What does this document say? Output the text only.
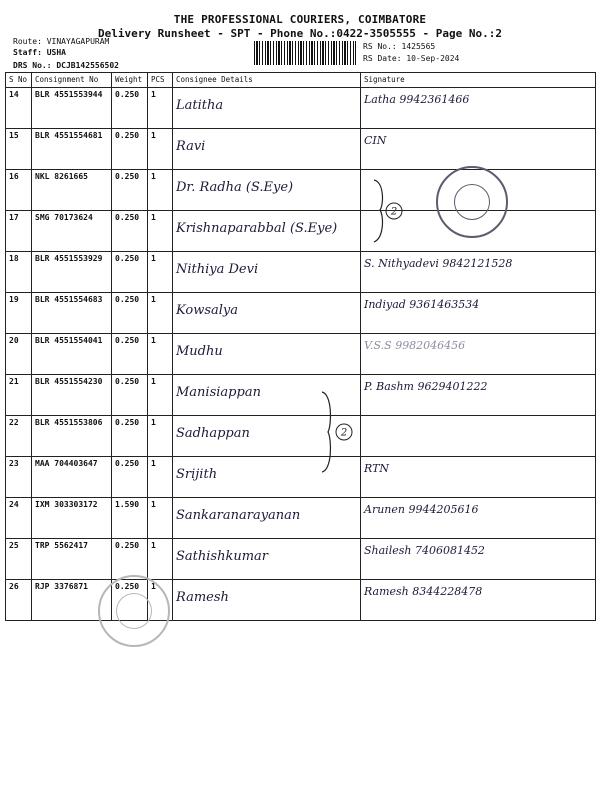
THE PROFESSIONAL COURIERS, COIMBATORE
Delivery Runsheet - SPT - Phone No.:0422-3505555 - Page No.:2
Route: VINAYAGAPURAM
Staff: USHA
DRS No.: DCJB142556502
RS No.: 1425565
RS Date: 10-Sep-2024
S No	Consignment No	Weight	PCS	Consignee Details	Signature
14	BLR 4551553944	0.250	1	Latitha	Latha 9942361466

15	BLR 4551554681	0.250	1	Ravi	CIN

16	NKL 8261665	0.250	1	Dr. Radha (S.Eye)	

17	SMG 70173624	0.250	1	Krishnaparabbal (S.Eye)	

18	BLR 4551553929	0.250	1	Nithiya Devi	S. Nithyadevi 9842121528

19	BLR 4551554683	0.250	1	Kowsalya	Indiyad 9361463534

20	BLR 4551554041	0.250	1	Mudhu	V.S.S 9982046456

21	BLR 4551554230	0.250	1	Manisiappan	P. Bashm 9629401222

22	BLR 4551553806	0.250	1	Sadhappan	

23	MAA 704403647	0.250	1	Srijith	RTN

24	IXM 303303172	1.590	1	Sankaranarayanan	Arunen 9944205616

25	TRP 5562417	0.250	1	Sathishkumar	Shailesh 7406081452

26	RJP 3376871	0.250	1	Ramesh	Ramesh 8344228478
2
2
